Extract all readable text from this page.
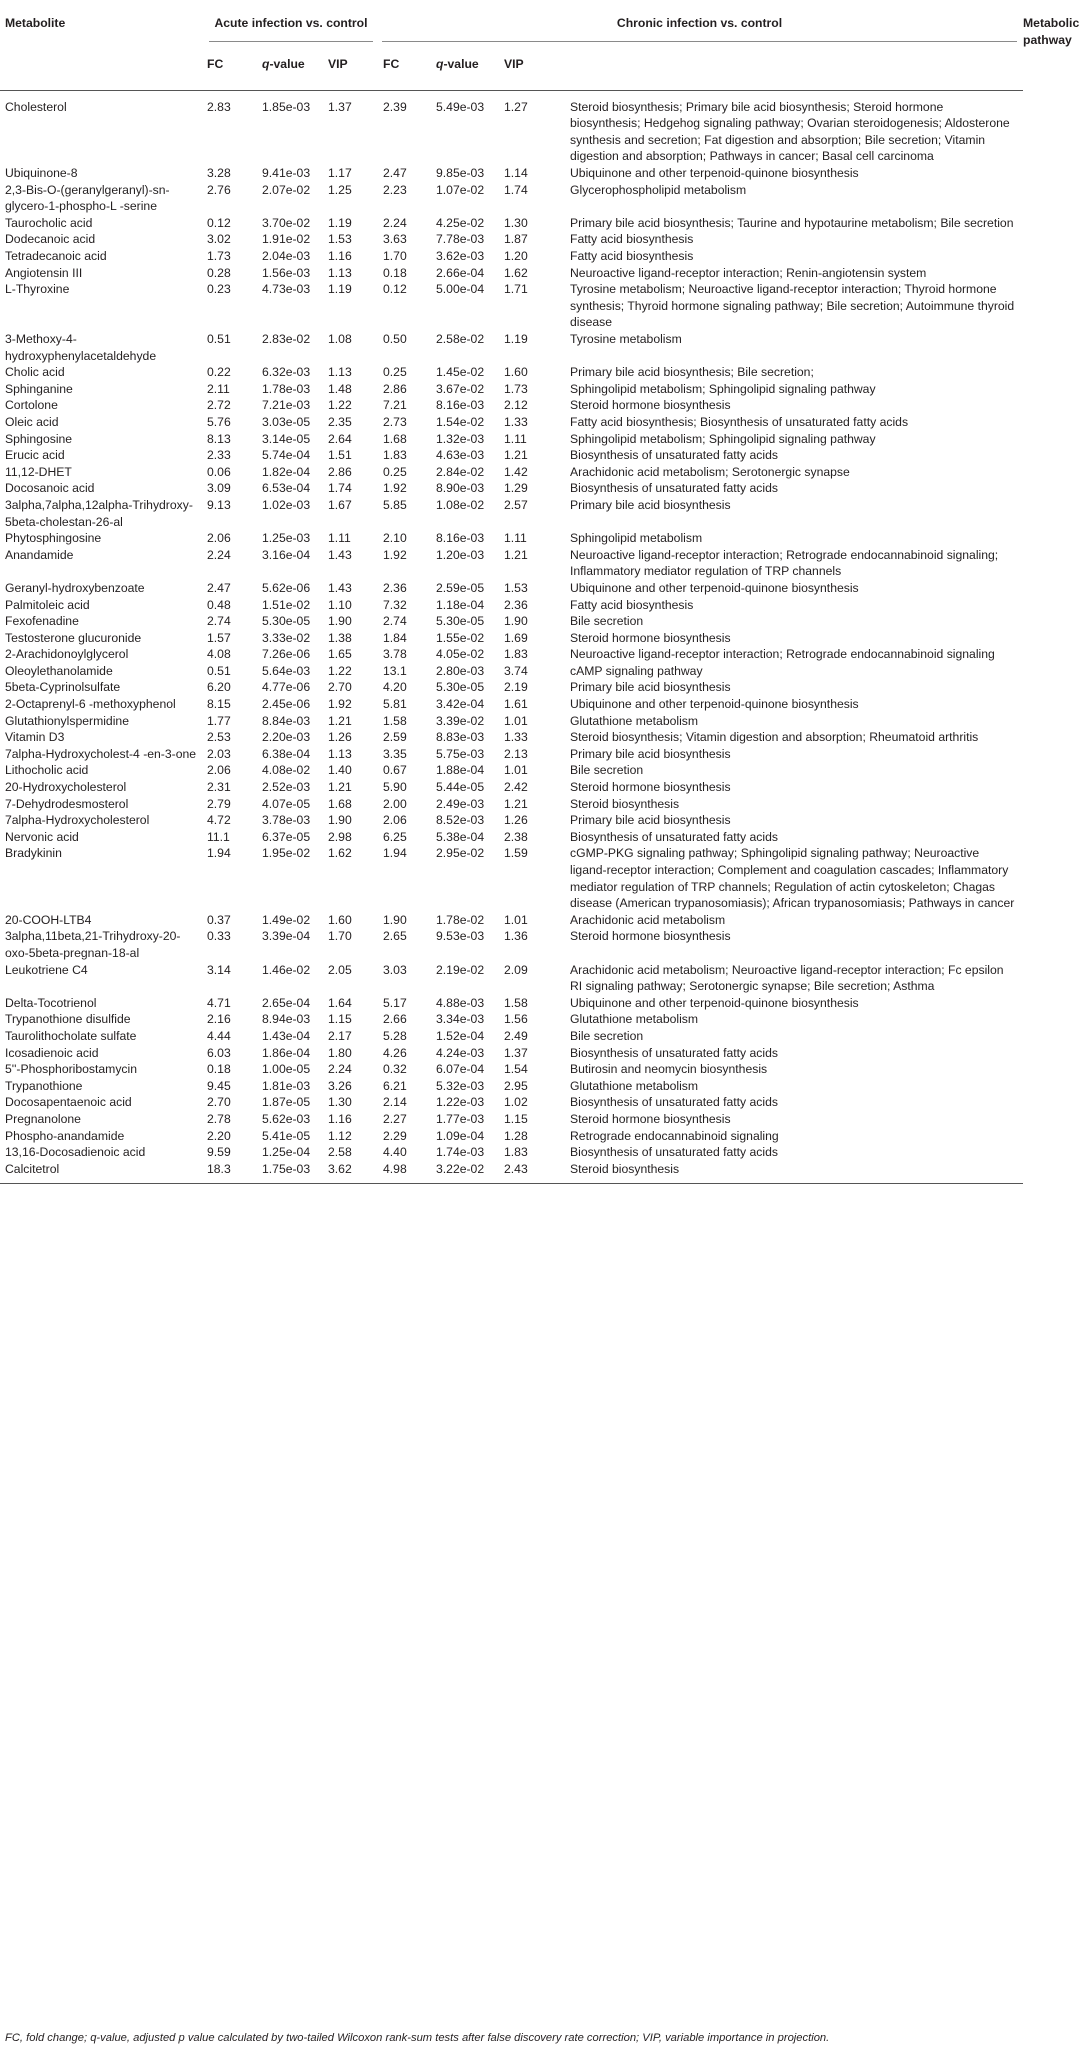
Metabolite	Acute infection vs. control				Chronic infection vs. control			Metabolic pathway
	FC	q-value	VIP	FC	q-value	VIP		
Cholesterol	2.83	1.85e-03	1.37	2.39	5.49e-03	1.27	Steroid biosynthesis; Primary bile acid biosynthesis; Steroid hormone biosynthesis; Hedgehog signaling pathway; Ovarian steroidogenesis; Aldosterone synthesis and secretion; Fat digestion and absorption; Bile secretion; Vitamin digestion and absorption; Pathways in cancer; Basal cell carcinoma	
Ubiquinone-8	3.28	9.41e-03	1.17	2.47	9.85e-03	1.14	Ubiquinone and other terpenoid-quinone biosynthesis	
2,3-Bis-O-(geranylgeranyl)-sn-glycero-1-phospho-L -serine	2.76	2.07e-02	1.25	2.23	1.07e-02	1.74	Glycerophospholipid metabolism	
Taurocholic acid	0.12	3.70e-02	1.19	2.24	4.25e-02	1.30	Primary bile acid biosynthesis; Taurine and hypotaurine metabolism; Bile secretion	
Dodecanoic acid	3.02	1.91e-02	1.53	3.63	7.78e-03	1.87	Fatty acid biosynthesis	
Tetradecanoic acid	1.73	2.04e-03	1.16	1.70	3.62e-03	1.20	Fatty acid biosynthesis	
Angiotensin III	0.28	1.56e-03	1.13	0.18	2.66e-04	1.62	Neuroactive ligand-receptor interaction; Renin-angiotensin system	
L-Thyroxine	0.23	4.73e-03	1.19	0.12	5.00e-04	1.71	Tyrosine metabolism; Neuroactive ligand-receptor interaction; Thyroid hormone synthesis; Thyroid hormone signaling pathway; Bile secretion; Autoimmune thyroid disease	
3-Methoxy-4-hydroxyphenylacetaldehyde	0.51	2.83e-02	1.08	0.50	2.58e-02	1.19	Tyrosine metabolism	
Cholic acid	0.22	6.32e-03	1.13	0.25	1.45e-02	1.60	Primary bile acid biosynthesis; Bile secretion;	
Sphinganine	2.11	1.78e-03	1.48	2.86	3.67e-02	1.73	Sphingolipid metabolism; Sphingolipid signaling pathway	
Cortolone	2.72	7.21e-03	1.22	7.21	8.16e-03	2.12	Steroid hormone biosynthesis	
Oleic acid	5.76	3.03e-05	2.35	2.73	1.54e-02	1.33	Fatty acid biosynthesis; Biosynthesis of unsaturated fatty acids	
Sphingosine	8.13	3.14e-05	2.64	1.68	1.32e-03	1.11	Sphingolipid metabolism; Sphingolipid signaling pathway	
Erucic acid	2.33	5.74e-04	1.51	1.83	4.63e-03	1.21	Biosynthesis of unsaturated fatty acids	
11,12-DHET	0.06	1.82e-04	2.86	0.25	2.84e-02	1.42	Arachidonic acid metabolism; Serotonergic synapse	
Docosanoic acid	3.09	6.53e-04	1.74	1.92	8.90e-03	1.29	Biosynthesis of unsaturated fatty acids	
3alpha,7alpha,12alpha-Trihydroxy-5beta-cholestan-26-al	9.13	1.02e-03	1.67	5.85	1.08e-02	2.57	Primary bile acid biosynthesis	
Phytosphingosine	2.06	1.25e-03	1.11	2.10	8.16e-03	1.11	Sphingolipid metabolism	
Anandamide	2.24	3.16e-04	1.43	1.92	1.20e-03	1.21	Neuroactive ligand-receptor interaction; Retrograde endocannabinoid signaling; Inflammatory mediator regulation of TRP channels	
Geranyl-hydroxybenzoate	2.47	5.62e-06	1.43	2.36	2.59e-05	1.53	Ubiquinone and other terpenoid-quinone biosynthesis	
Palmitoleic acid	0.48	1.51e-02	1.10	7.32	1.18e-04	2.36	Fatty acid biosynthesis	
Fexofenadine	2.74	5.30e-05	1.90	2.74	5.30e-05	1.90	Bile secretion	
Testosterone glucuronide	1.57	3.33e-02	1.38	1.84	1.55e-02	1.69	Steroid hormone biosynthesis	
2-Arachidonoylglycerol	4.08	7.26e-06	1.65	3.78	4.05e-02	1.83	Neuroactive ligand-receptor interaction; Retrograde endocannabinoid signaling	
Oleoylethanolamide	0.51	5.64e-03	1.22	13.1	2.80e-03	3.74	cAMP signaling pathway	
5beta-Cyprinolsulfate	6.20	4.77e-06	2.70	4.20	5.30e-05	2.19	Primary bile acid biosynthesis	
2-Octaprenyl-6 -methoxyphenol	8.15	2.45e-06	1.92	5.81	3.42e-04	1.61	Ubiquinone and other terpenoid-quinone biosynthesis	
Glutathionylspermidine	1.77	8.84e-03	1.21	1.58	3.39e-02	1.01	Glutathione metabolism	
Vitamin D3	2.53	2.20e-03	1.26	2.59	8.83e-03	1.33	Steroid biosynthesis; Vitamin digestion and absorption; Rheumatoid arthritis	
7alpha-Hydroxycholest-4 -en-3-one	2.03	6.38e-04	1.13	3.35	5.75e-03	2.13	Primary bile acid biosynthesis	
Lithocholic acid	2.06	4.08e-02	1.40	0.67	1.88e-04	1.01	Bile secretion	
20-Hydroxycholesterol	2.31	2.52e-03	1.21	5.90	5.44e-05	2.42	Steroid hormone biosynthesis	
7-Dehydrodesmosterol	2.79	4.07e-05	1.68	2.00	2.49e-03	1.21	Steroid biosynthesis	
7alpha-Hydroxycholesterol	4.72	3.78e-03	1.90	2.06	8.52e-03	1.26	Primary bile acid biosynthesis	
Nervonic acid	11.1	6.37e-05	2.98	6.25	5.38e-04	2.38	Biosynthesis of unsaturated fatty acids	
Bradykinin	1.94	1.95e-02	1.62	1.94	2.95e-02	1.59	cGMP-PKG signaling pathway; Sphingolipid signaling pathway; Neuroactive ligand-receptor interaction; Complement and coagulation cascades; Inflammatory mediator regulation of TRP channels; Regulation of actin cytoskeleton; Chagas disease (American trypanosomiasis); African trypanosomiasis; Pathways in cancer	
20-COOH-LTB4	0.37	1.49e-02	1.60	1.90	1.78e-02	1.01	Arachidonic acid metabolism	
3alpha,11beta,21-Trihydroxy-20-oxo-5beta-pregnan-18-al	0.33	3.39e-04	1.70	2.65	9.53e-03	1.36	Steroid hormone biosynthesis	
Leukotriene C4	3.14	1.46e-02	2.05	3.03	2.19e-02	2.09	Arachidonic acid metabolism; Neuroactive ligand-receptor interaction; Fc epsilon RI signaling pathway; Serotonergic synapse; Bile secretion; Asthma	
Delta-Tocotrienol	4.71	2.65e-04	1.64	5.17	4.88e-03	1.58	Ubiquinone and other terpenoid-quinone biosynthesis	
Trypanothione disulfide	2.16	8.94e-03	1.15	2.66	3.34e-03	1.56	Glutathione metabolism	
Taurolithocholate sulfate	4.44	1.43e-04	2.17	5.28	1.52e-04	2.49	Bile secretion	
Icosadienoic acid	6.03	1.86e-04	1.80	4.26	4.24e-03	1.37	Biosynthesis of unsaturated fatty acids	
5''-Phosphoribostamycin	0.18	1.00e-05	2.24	0.32	6.07e-04	1.54	Butirosin and neomycin biosynthesis	
Trypanothione	9.45	1.81e-03	3.26	6.21	5.32e-03	2.95	Glutathione metabolism	
Docosapentaenoic acid	2.70	1.87e-05	1.30	2.14	1.22e-03	1.02	Biosynthesis of unsaturated fatty acids	
Pregnanolone	2.78	5.62e-03	1.16	2.27	1.77e-03	1.15	Steroid hormone biosynthesis	
Phospho-anandamide	2.20	5.41e-05	1.12	2.29	1.09e-04	1.28	Retrograde endocannabinoid signaling	
13,16-Docosadienoic acid	9.59	1.25e-04	2.58	4.40	1.74e-03	1.83	Biosynthesis of unsaturated fatty acids	
Calcitetrol	18.3	1.75e-03	3.62	4.98	3.22e-02	2.43	Steroid biosynthesis	
FC, fold change; q-value, adjusted p value calculated by two-tailed Wilcoxon rank-sum tests after false discovery rate correction; VIP, variable importance in projection.
